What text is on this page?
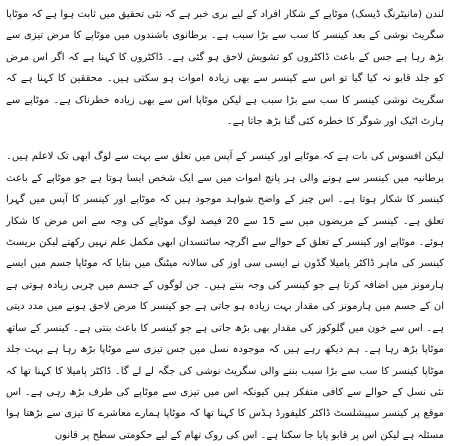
لندن (مانیٹرنگ ڈیسک) موٹاپے کے شکار افراد کے لیے بری خبر ہے کہ نئی تحقیق میں ثابت ہوا ہے کہ موٹاپا سگریٹ نوشی کے بعد کینسر کا سب سے بڑا سبب ہے۔ برطانوی باشندوں میں موٹاپے کا مرض تیزی سے بڑھ رہا ہے جس کے باعث ڈاکٹروں کو تشویش لاحق ہو گئی ہے۔ ڈاکٹروں کا کہنا ہے کہ اگر اس مرض کو جلد قابو نہ کیا گیا تو اس سے کینسر سے بھی زیادہ اموات ہو سکتی ہیں۔ محققین کا کہنا ہے کہ سگریٹ نوشی کینسر کا سب سے بڑا سبب ہے لیکن موٹاپا اس سے بھی زیادہ خطرناک ہے۔ موٹاپے سے ہارٹ اٹیک اور شوگر کا خطرہ کئی گنا بڑھ جاتا ہے۔

لیکن افسوس کی بات ہے کہ موٹاپے اور کینسر کے آپس میں تعلق سے بہت سے لوگ ابھی تک لاعلم ہیں۔ برطانیہ میں کینسر سے ہونے والی ہر پانچ اموات میں سے ایک شخص ایسا ہوتا ہے جو موٹاپے کے باعث کینسر کا شکار ہوتا ہے۔ اس چیز کے واضح شواہد موجود ہیں کہ موٹاپے اور کینسر کا آپس میں گہرا تعلق ہے۔ کینسر کے مریضوں میں سے 15 سے 20 فیصد لوگ موٹاپے کی وجہ سے اس مرض کا شکار ہوئے۔ موٹاپے اور کینسر کے تعلق کے حوالے سے اگرچہ سائنسدان ابھی مکمل علم نہیں رکھتے لیکن بریسٹ کینسر کی ماہر ڈاکٹر پامیلا گڈون نے ایسی سی اوز کی سالانہ میٹنگ میں بتایا کہ موٹاپا جسم میں ایسے ہارمونز میں اضافہ کرتا ہے جو کینسر کی وجہ بنتے ہیں۔ جن لوگوں کے جسم میں چربی زیادہ ہوتی ہے ان کے جسم میں ہارمونز کی مقدار بہت زیادہ ہو جاتی ہے جو کینسر کا مرض لاحق ہونے میں مدد دیتی ہے۔ اس سے خون میں گلوکوز کی مقدار بھی بڑھ جاتی ہے جو کینسر کا باعث بنتی ہے۔ کینسر کے ساتھ موٹاپا بڑھ رہا ہے۔ ہم دیکھ رہے ہیں کہ موجودہ نسل میں جس تیزی سے موٹاپا بڑھ رہا ہے بہت جلد موٹاپا کینسر کا سب سے بڑا سبب بننے والی سگریٹ نوشی کی جگہ لے لے گا۔ ڈاکٹر پامیلا کا کہنا تھا کہ نئی نسل کے حوالے سے کافی متفکر ہیں کیونکہ اس میں تیزی سے موٹاپے کی طرف بڑھ رہی ہے۔ اس موقع پر کینسر سپیشلسٹ ڈاکٹر کلیفورڈ ہڈس کا کہنا تھا کہ موٹاپا ہمارے معاشرے کا تیزی سے بڑھتا ہوا مسئلہ ہے لیکن اس پر قابو پایا جا سکتا ہے۔ اس کی روک تھام کے لیے حکومتی سطح پر قانون
